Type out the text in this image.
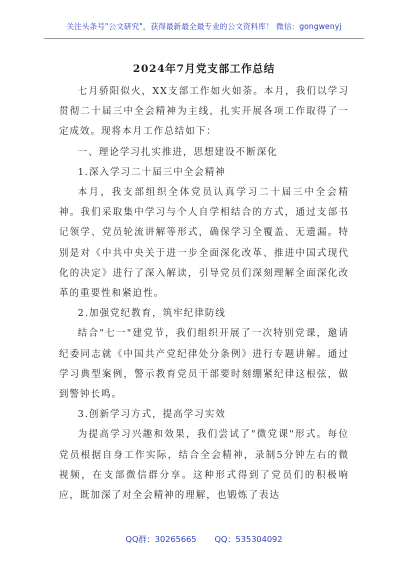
关注头条号"公文研究"，获得最新最全最专业的公文资料库！ 微信：gongwenyj
2024年7月党支部工作总结

七月骄阳似火，XX支部工作如火如荼。本月，我们以学习贯彻二十届三中全会精神为主线，扎实开展各项工作取得了一定成效。现将本月工作总结如下：

一、理论学习扎实推进，思想建设不断深化

1.深入学习二十届三中全会精神

本月，我支部组织全体党员认真学习二十届三中全会精神。我们采取集中学习与个人自学相结合的方式，通过支部书记领学、党员轮流讲解等形式，确保学习全覆盖、无遗漏。特别是对《中共中央关于进一步全面深化改革、推进中国式现代化的决定》进行了深入解读，引导党员们深刻理解全面深化改革的重要性和紧迫性。

2.加强党纪教育，筑牢纪律防线

结合"七一"建党节，我们组织开展了一次特别党课，邀请纪委同志就《中国共产党纪律处分条例》进行专题讲解。通过学习典型案例，警示教育党员干部要时刻绷紧纪律这根弦，做到警钟长鸣。

3.创新学习方式，提高学习实效

为提高学习兴趣和效果，我们尝试了"微党课"形式。每位党员根据自身工作实际，结合全会精神，录制5分钟左右的微视频，在支部微信群分享。这种形式得到了党员们的积极响应，既加深了对全会精神的理解，也锻炼了表达

QQ群：30265665 QQ：535304092
